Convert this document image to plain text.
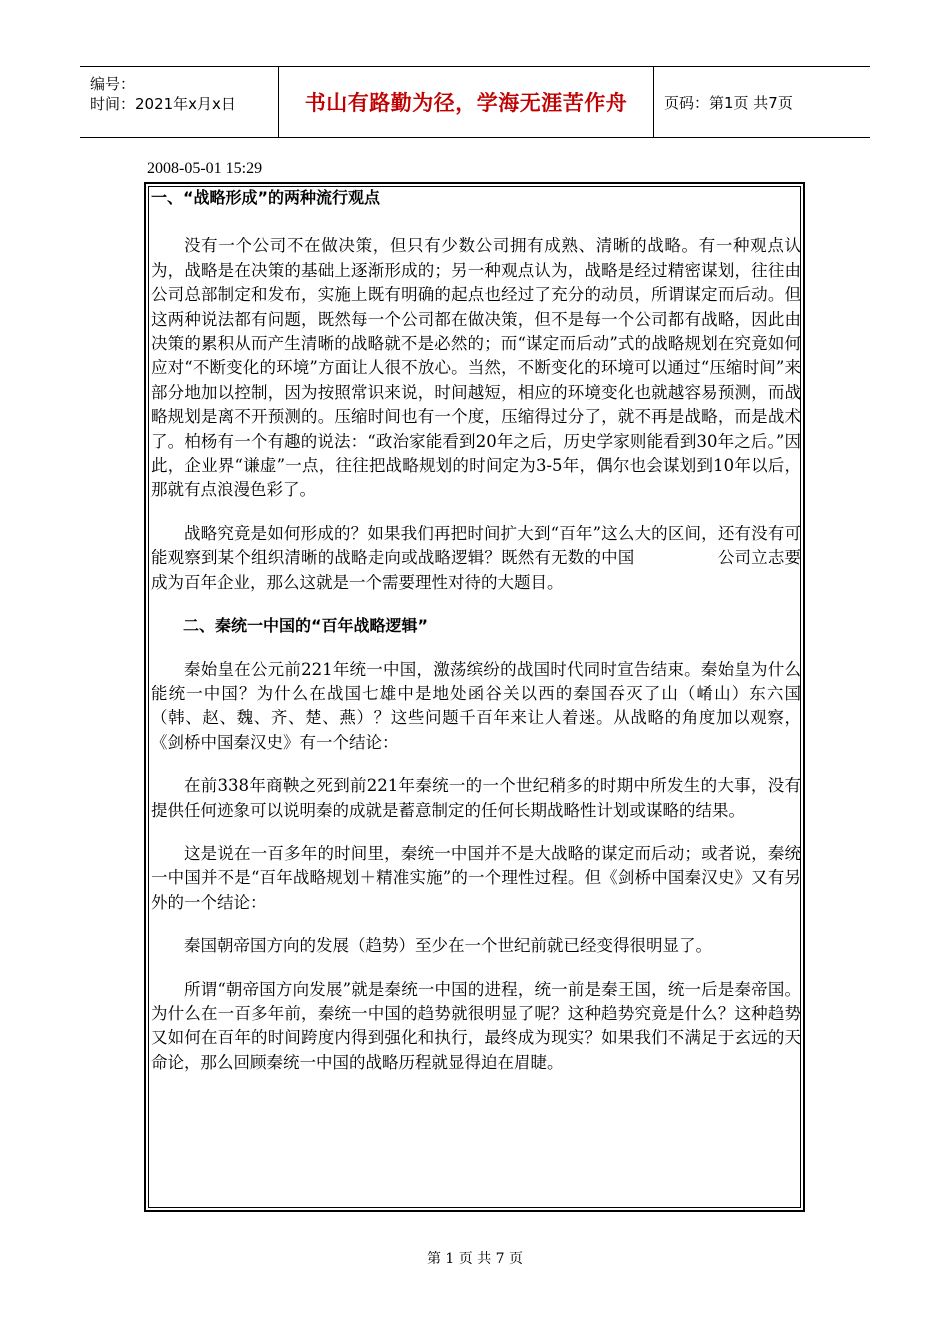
编号：
时间：2021年x月x日	书山有路勤为径，学海无涯苦作舟 页码：第1页 共7页
2008-05-01 15:29

一、“战略形成”的两种流行观点

没有一个公司不在做决策，但只有少数公司拥有成熟、清晰的战略。有一种观点认为，战略是在决策的基础上逐渐形成的；另一种观点认为，战略是经过精密谋划，往往由公司总部制定和发布，实施上既有明确的起点也经过了充分的动员，所谓谋定而后动。但这两种说法都有问题，既然每一个公司都在做决策，但不是每一个公司都有战略，因此由决策的累积从而产生清晰的战略就不是必然的；而“谋定而后动”式的战略规划在究竟如何应对“不断变化的环境”方面让人很不放心。当然，不断变化的环境可以通过“压缩时间”来部分地加以控制，因为按照常识来说，时间越短，相应的环境变化也就越容易预测，而战略规划是离不开预测的。压缩时间也有一个度，压缩得过分了，就不再是战略，而是战术了。柏杨有一个有趣的说法：“政治家能看到20年之后，历史学家则能看到30年之后。”因此，企业界“谦虚”一点，往往把战略规划的时间定为3-5年，偶尔也会谋划到10年以后，那就有点浪漫色彩了。

战略究竟是如何形成的？如果我们再把时间扩大到“百年”这么大的区间，还有没有可能观察到某个组织清晰的战略走向或战略逻辑？既然有无数的中国　　　　　公司立志要成为百年企业，那么这就是一个需要理性对待的大题目。

二、秦统一中国的“百年战略逻辑”

秦始皇在公元前221年统一中国，激荡缤纷的战国时代同时宣告结束。秦始皇为什么能统一中国？为什么在战国七雄中是地处函谷关以西的秦国吞灭了山（崤山）东六国（韩、赵、魏、齐、楚、燕）？这些问题千百年来让人着迷。从战略的角度加以观察，《剑桥中国秦汉史》有一个结论：

在前338年商鞅之死到前221年秦统一的一个世纪稍多的时期中所发生的大事，没有提供任何迹象可以说明秦的成就是蓄意制定的任何长期战略性计划或谋略的结果。

这是说在一百多年的时间里，秦统一中国并不是大战略的谋定而后动；或者说，秦统一中国并不是“百年战略规划＋精准实施”的一个理性过程。但《剑桥中国秦汉史》又有另外的一个结论：

秦国朝帝国方向的发展（趋势）至少在一个世纪前就已经变得很明显了。

所谓“朝帝国方向发展”就是秦统一中国的进程，统一前是秦王国，统一后是秦帝国。为什么在一百多年前，秦统一中国的趋势就很明显了呢？这种趋势究竟是什么？这种趋势又如何在百年的时间跨度内得到强化和执行，最终成为现实？如果我们不满足于玄远的天命论，那么回顾秦统一中国的战略历程就显得迫在眉睫。

第 1 页 共 7 页
